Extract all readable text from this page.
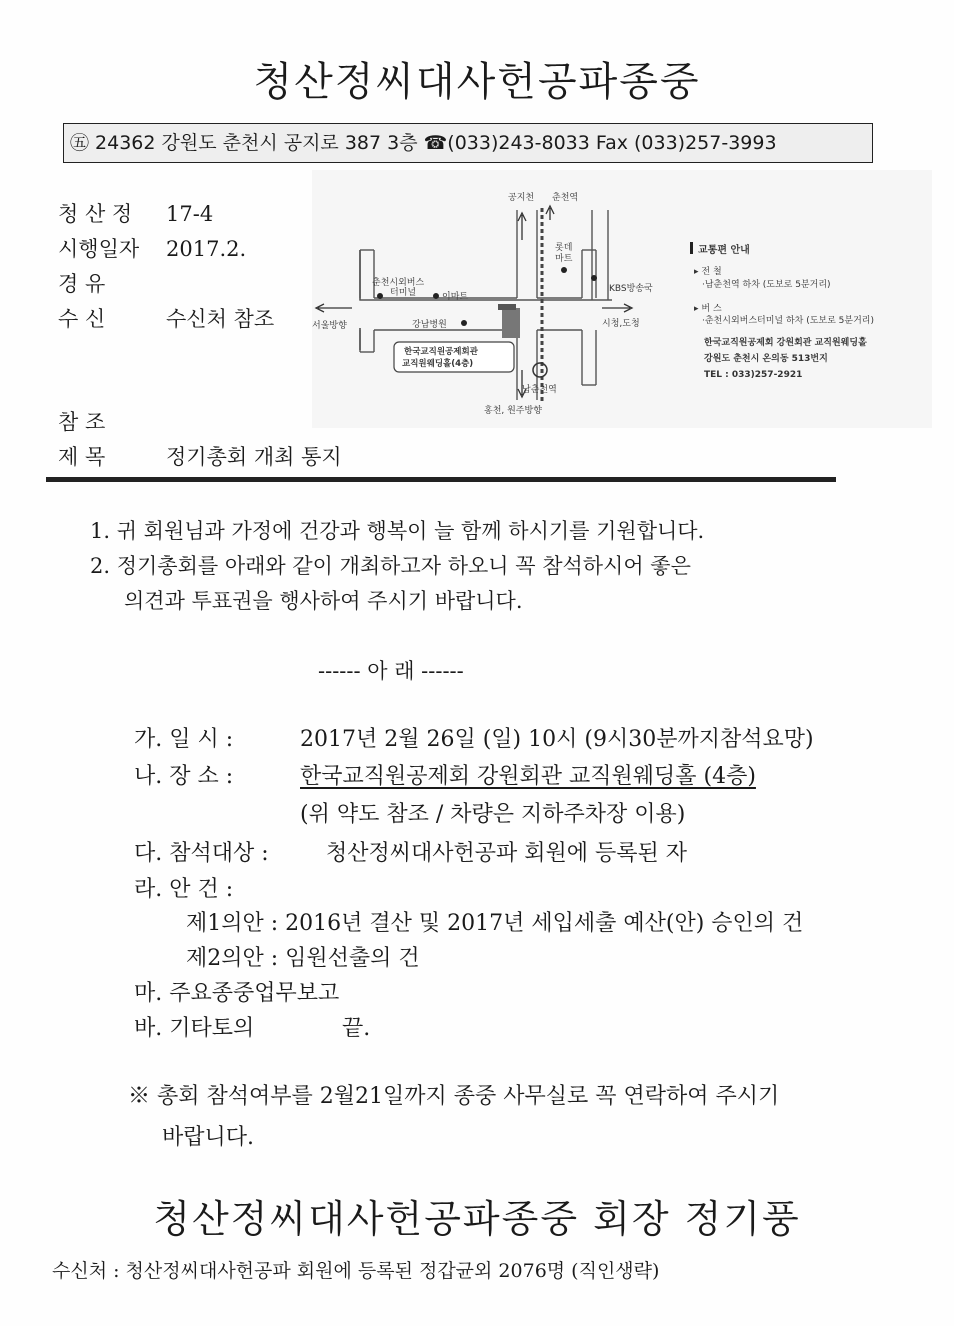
청산정씨대사헌공파종중
㊄ 24362 강원도 춘천시 공지로 387 3층 ☎(033)243-8033 Fax (033)257-3993
청 산 정 17-4
시행일자 2017.2.
경 유
수 신	수신처 참조
참 조
제 목	정기총회 개최 통지
공지천 춘천역
롯데
마트
춘천시외버스
터미널	이마트
KBS방송국
서울방향	강남병원	시청,도청
한국교직원공제회관
교직원웨딩홀(4층)
남춘천역
홍천, 원주방향
교통편 안내
▸ 전 철
·남춘천역 하차 (도보로 5분거리)
▸ 버 스
·춘천시외버스터미널 하차 (도보로 5분거리)
한국교직원공제회 강원회관 교직원웨딩홀
강원도 춘천시 온의동 513번지
TEL : 033)257-2921
1. 귀 회원님과 가정에 건강과 행복이 늘 함께 하시기를 기원합니다.
2. 정기총회를 아래와 같이 개최하고자 하오니 꼭 참석하시어 좋은
의견과 투표권을 행사하여 주시기 바랍니다.
------ 아 래 ------
가. 일 시 :	2017년 2월 26일 (일) 10시 (9시30분까지참석요망)
나. 장 소 :	한국교직원공제회 강원회관 교직원웨딩홀 (4층)
(위 약도 참조 / 차량은 지하주차장 이용)
다. 참석대상 :	청산정씨대사헌공파 회원에 등록된 자
라. 안 건 :
제1의안 : 2016년 결산 및 2017년 세입세출 예산(안) 승인의 건
제2의안 : 임원선출의 건
마. 주요종중업무보고
바. 기타토의	끝.
※ 총회 참석여부를 2월21일까지 종중 사무실로 꼭 연락하여 주시기
바랍니다.
청산정씨대사헌공파종중 회장 정기풍
수신처 : 청산정씨대사헌공파 회원에 등록된 정갑균외 2076명 (직인생략)
